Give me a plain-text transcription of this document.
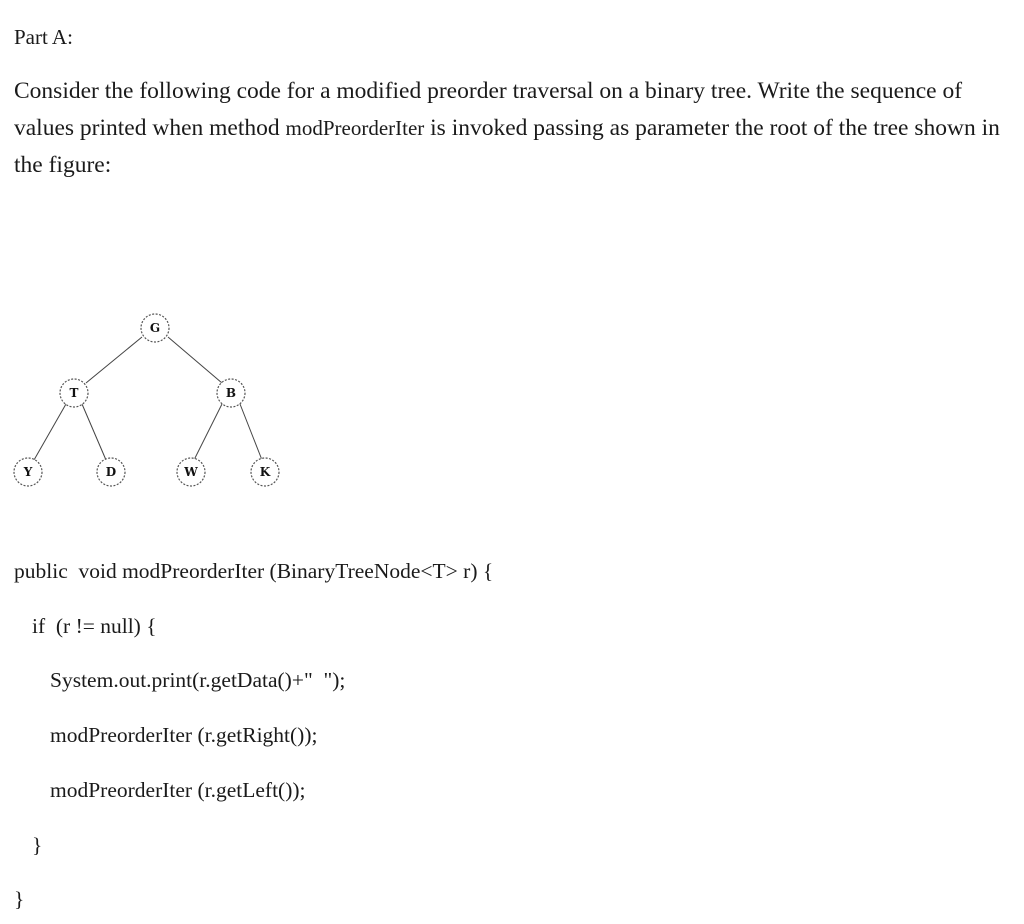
Part A:

Consider the following code for a modified preorder traversal on a binary tree. Write the sequence of values printed when method modPreorderIter is invoked passing as parameter the root of the tree shown in the figure:

G
T	B
Y	D	W	K

public  void modPreorderIter (BinaryTreeNode<T> r) {

if  (r != null) {

System.out.print(r.getData()+"  ");

modPreorderIter (r.getRight());

modPreorderIter (r.getLeft());

}

}
